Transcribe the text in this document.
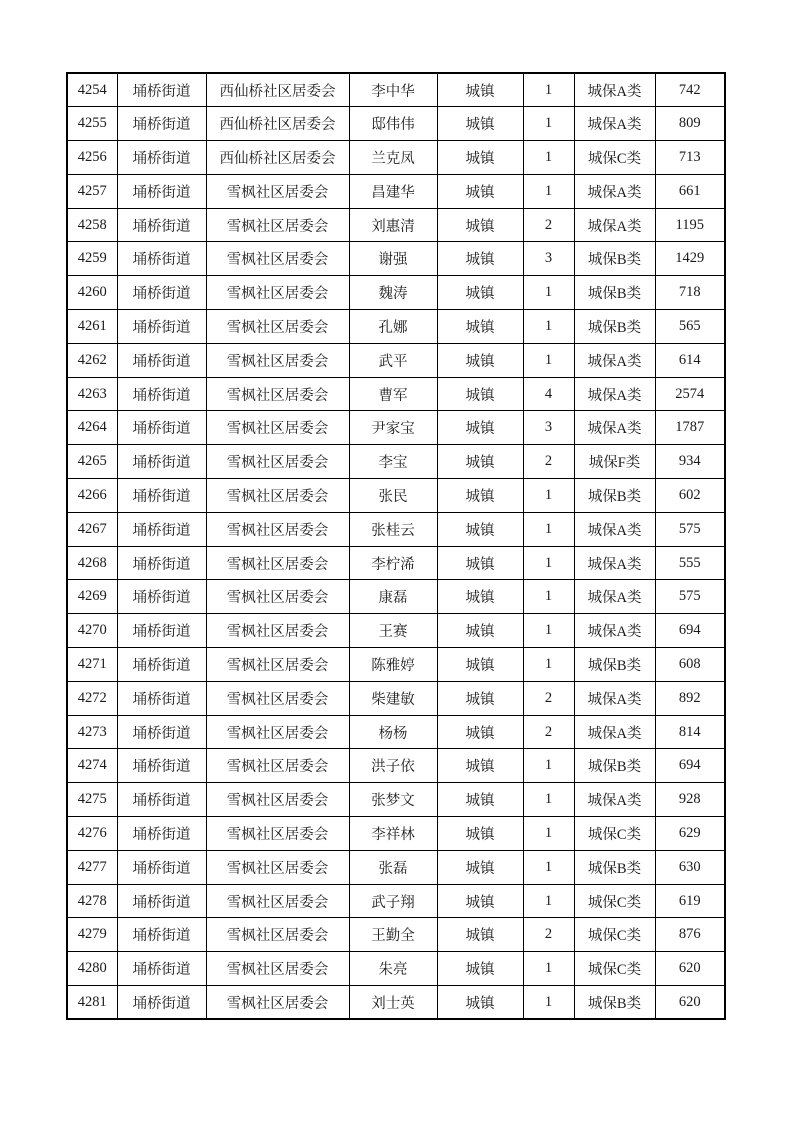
4254	埇桥街道	西仙桥社区居委会	李中华	城镇	1	城保A类	742
4255	埇桥街道	西仙桥社区居委会	邸伟伟	城镇	1	城保A类	809
4256	埇桥街道	西仙桥社区居委会	兰克凤	城镇	1	城保C类	713
4257	埇桥街道	雪枫社区居委会	昌建华	城镇	1	城保A类	661
4258	埇桥街道	雪枫社区居委会	刘惠清	城镇	2	城保A类	1195
4259	埇桥街道	雪枫社区居委会	谢强	城镇	3	城保B类	1429
4260	埇桥街道	雪枫社区居委会	魏涛	城镇	1	城保B类	718
4261	埇桥街道	雪枫社区居委会	孔娜	城镇	1	城保B类	565
4262	埇桥街道	雪枫社区居委会	武平	城镇	1	城保A类	614
4263	埇桥街道	雪枫社区居委会	曹军	城镇	4	城保A类	2574
4264	埇桥街道	雪枫社区居委会	尹家宝	城镇	3	城保A类	1787
4265	埇桥街道	雪枫社区居委会	李宝	城镇	2	城保F类	934
4266	埇桥街道	雪枫社区居委会	张民	城镇	1	城保B类	602
4267	埇桥街道	雪枫社区居委会	张桂云	城镇	1	城保A类	575
4268	埇桥街道	雪枫社区居委会	李柠浠	城镇	1	城保A类	555
4269	埇桥街道	雪枫社区居委会	康磊	城镇	1	城保A类	575
4270	埇桥街道	雪枫社区居委会	王赛	城镇	1	城保A类	694
4271	埇桥街道	雪枫社区居委会	陈雅婷	城镇	1	城保B类	608
4272	埇桥街道	雪枫社区居委会	柴建敏	城镇	2	城保A类	892
4273	埇桥街道	雪枫社区居委会	杨杨	城镇	2	城保A类	814
4274	埇桥街道	雪枫社区居委会	洪子依	城镇	1	城保B类	694
4275	埇桥街道	雪枫社区居委会	张梦文	城镇	1	城保A类	928
4276	埇桥街道	雪枫社区居委会	李祥林	城镇	1	城保C类	629
4277	埇桥街道	雪枫社区居委会	张磊	城镇	1	城保B类	630
4278	埇桥街道	雪枫社区居委会	武子翔	城镇	1	城保C类	619
4279	埇桥街道	雪枫社区居委会	王勤全	城镇	2	城保C类	876
4280	埇桥街道	雪枫社区居委会	朱亮	城镇	1	城保C类	620
4281	埇桥街道	雪枫社区居委会	刘士英	城镇	1	城保B类	620
